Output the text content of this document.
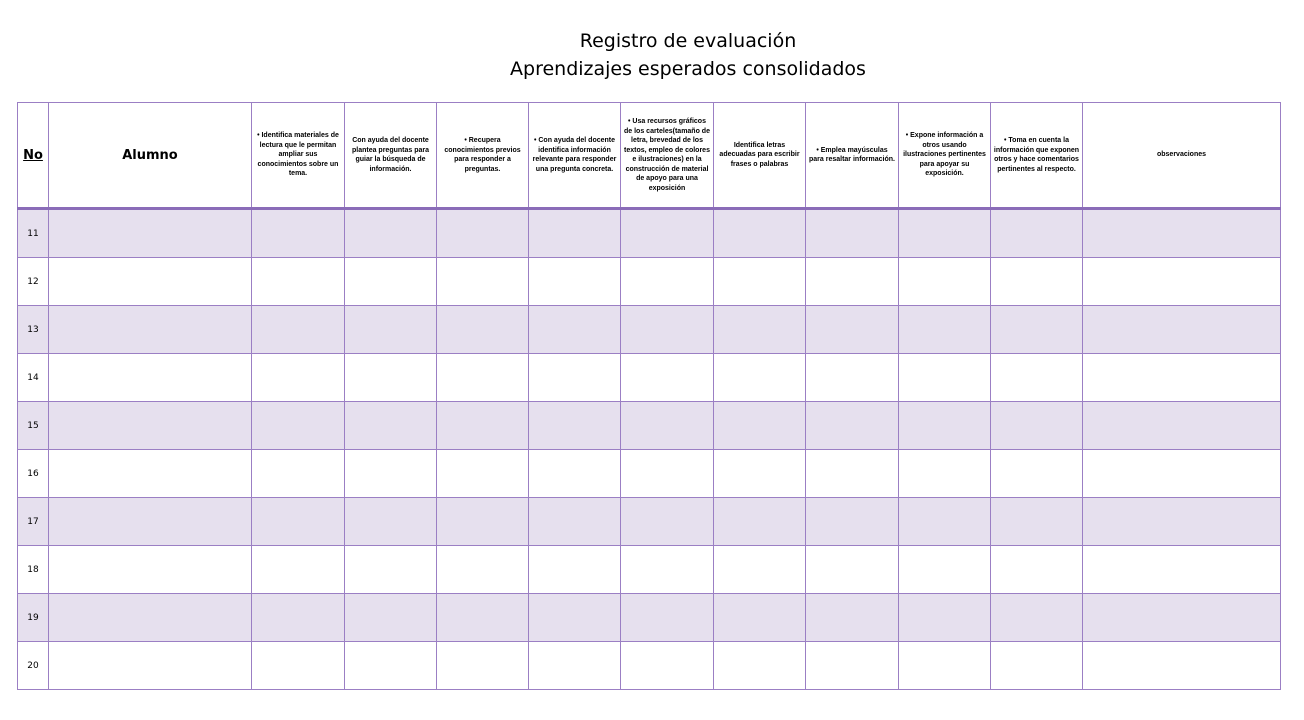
Registro de evaluación
Aprendizajes esperados consolidados
No	Alumno	• Identifica materiales de lectura que le permitan ampliar sus conocimientos sobre un tema.	Con ayuda del docente plantea preguntas para guiar la búsqueda de información.	• Recupera conocimientos previos para responder a preguntas.	• Con ayuda del docente identifica información relevante para responder una pregunta concreta.	• Usa recursos gráficos de los carteles(tamaño de letra, brevedad de los textos, empleo de colores e ilustraciones) en la construcción de material de apoyo para una exposición	Identifica letras adecuadas para escribir frases o palabras	• Emplea mayúsculas para resaltar información.	• Expone información a otros usando ilustraciones pertinentes para apoyar su exposición.	• Toma en cuenta la información que exponen otros y hace comentarios pertinentes al respecto.	observaciones
11											
12											
13											
14											
15											
16											
17											
18											
19											
20											
